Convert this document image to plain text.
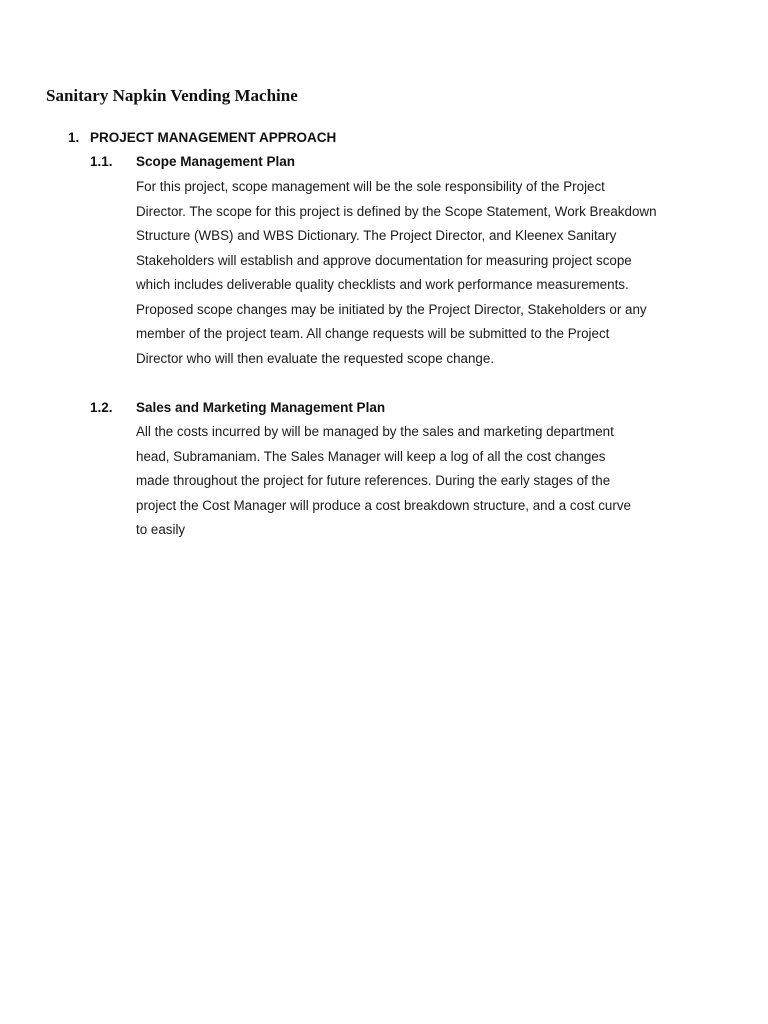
Sanitary Napkin Vending Machine
1. PROJECT MANAGEMENT APPROACH
1.1. Scope Management Plan
For this project, scope management will be the sole responsibility of the Project
Director. The scope for this project is defined by the Scope Statement, Work Breakdown
Structure (WBS) and WBS Dictionary. The Project Director, and Kleenex Sanitary
Stakeholders will establish and approve documentation for measuring project scope
which includes deliverable quality checklists and work performance measurements.
Proposed scope changes may be initiated by the Project Director, Stakeholders or any
member of the project team. All change requests will be submitted to the Project
Director who will then evaluate the requested scope change.
1.2. Sales and Marketing Management Plan
All the costs incurred by will be managed by the sales and marketing department
head, Subramaniam. The Sales Manager will keep a log of all the cost changes
made throughout the project for future references. During the early stages of the
project the Cost Manager will produce a cost breakdown structure, and a cost curve
to easily
